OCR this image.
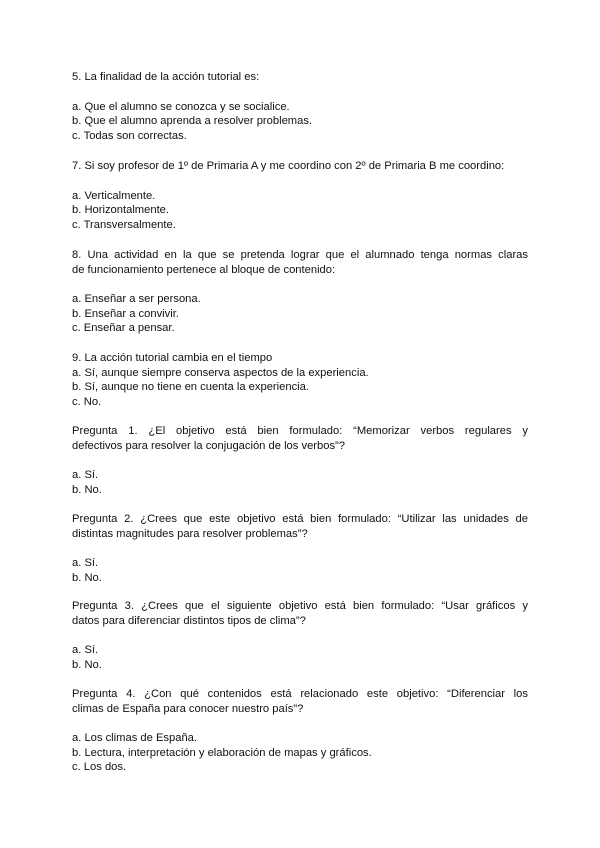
5. La finalidad de la acción tutorial es:
a. Que el alumno se conozca y se socialice.
b. Que el alumno aprenda a resolver problemas.
c. Todas son correctas.
7. Si soy profesor de 1º de Primaria A y me coordino con 2º de Primaria B me coordino:
a. Verticalmente.
b. Horizontalmente.
c. Transversalmente.
8. Una actividad en la que se pretenda lograr que el alumnado tenga normas claras
de funcionamiento pertenece al bloque de contenido:
a. Enseñar a ser persona.
b. Enseñar a convivir.
c. Enseñar a pensar.
9. La acción tutorial cambia en el tiempo
a. Sí, aunque siempre conserva aspectos de la experiencia.
b. Sí, aunque no tiene en cuenta la experiencia.
c. No.
Pregunta 1. ¿El objetivo está bien formulado: “Memorizar verbos regulares y
defectivos para resolver la conjugación de los verbos”?
a. Sí.
b. No.
Pregunta 2. ¿Crees que este objetivo está bien formulado: “Utilizar las unidades de
distintas magnitudes para resolver problemas”?
a. Sí.
b. No.
Pregunta 3. ¿Crees que el siguiente objetivo está bien formulado: “Usar gráficos y
datos para diferenciar distintos tipos de clima”?
a. Sí.
b. No.
Pregunta 4. ¿Con qué contenidos está relacionado este objetivo: “Diferenciar los
climas de España para conocer nuestro país”?
a. Los climas de España.
b. Lectura, interpretación y elaboración de mapas y gráficos.
c. Los dos.
